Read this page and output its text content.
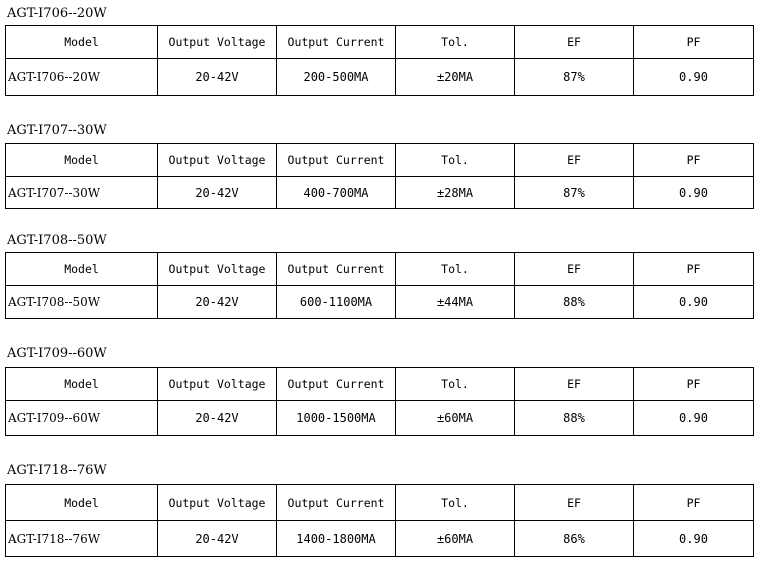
AGT-I706--20W
Model	Output Voltage	Output Current	Tol.	EF	PF
AGT-I706--20W	20-42V	200-500MA	±20MA	87%	0.90
AGT-I707--30W
Model	Output Voltage	Output Current	Tol.	EF	PF
AGT-I707--30W	20-42V	400-700MA	±28MA	87%	0.90
AGT-I708--50W
Model	Output Voltage	Output Current	Tol.	EF	PF
AGT-I708--50W	20-42V	600-1100MA	±44MA	88%	0.90
AGT-I709--60W
Model	Output Voltage	Output Current	Tol.	EF	PF
AGT-I709--60W	20-42V	1000-1500MA	±60MA	88%	0.90
AGT-I718--76W
Model	Output Voltage	Output Current	Tol.	EF	PF
AGT-I718--76W	20-42V	1400-1800MA	±60MA	86%	0.90
